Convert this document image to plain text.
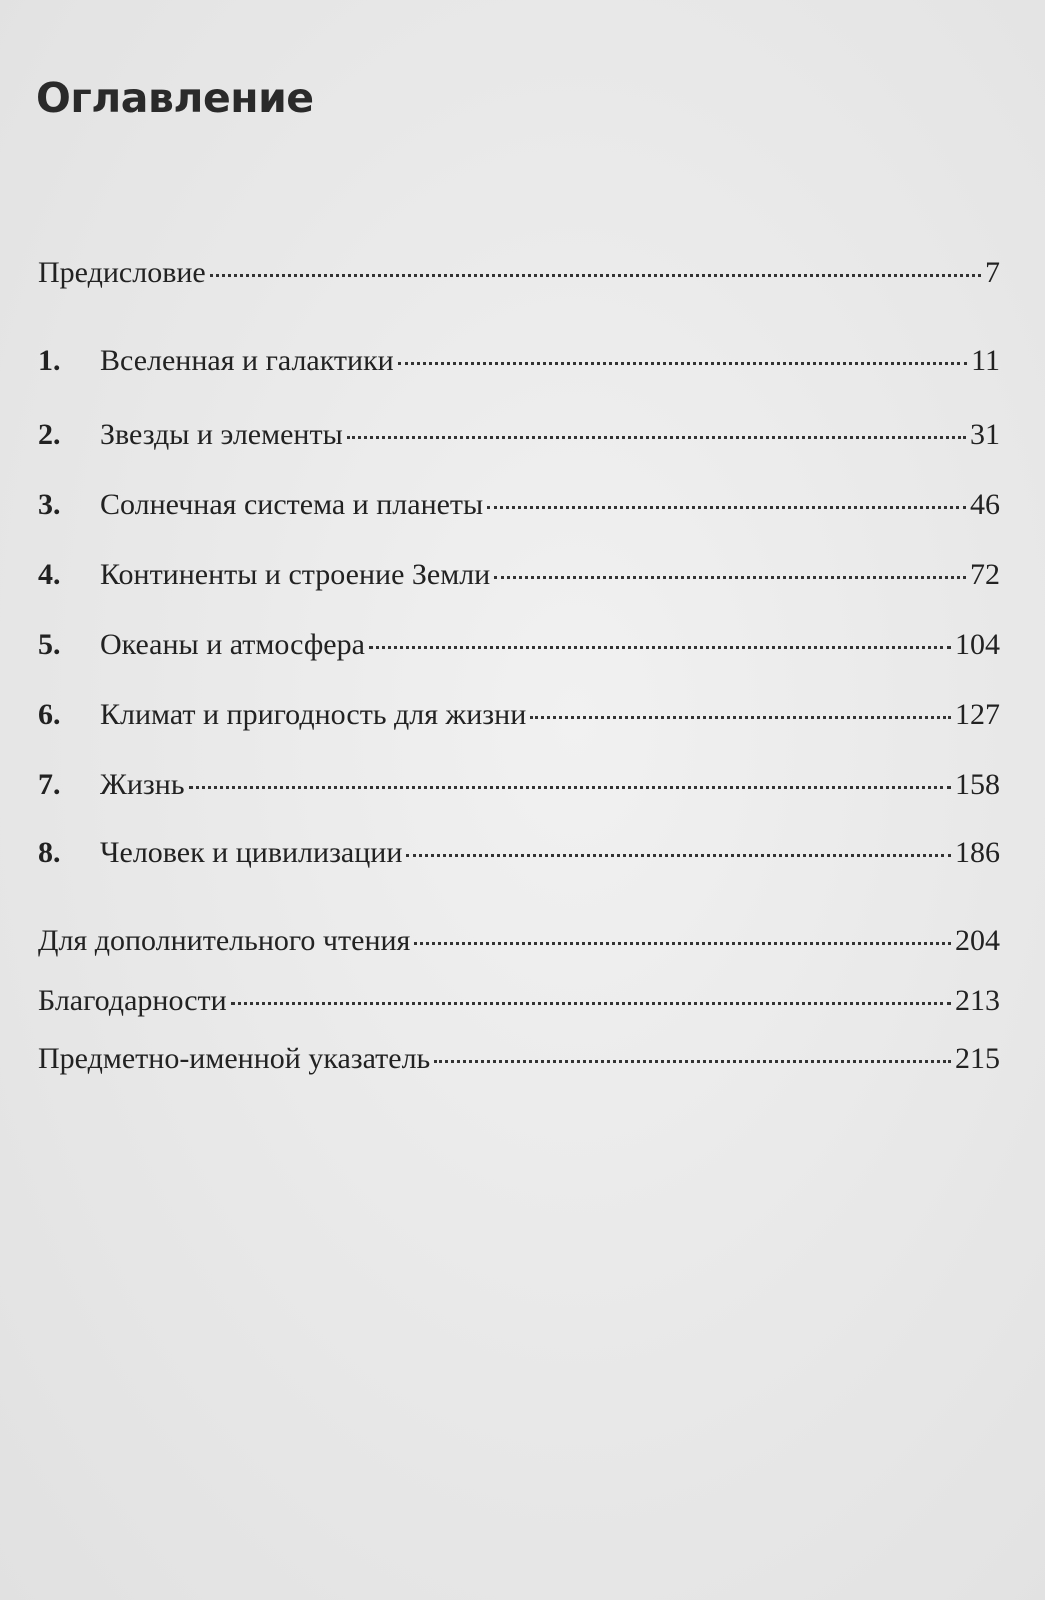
Оглавление
Предисловие	7
1.	Вселенная и галактики	11
2.	Звезды и элементы	31
3.	Солнечная система и планеты	46
4.	Континенты и строение Земли	72
5.	Океаны и атмосфера	104
6.	Климат и пригодность для жизни	127
7.	Жизнь	158
8.	Человек и цивилизации	186
Для дополнительного чтения	204
Благодарности	213
Предметно-именной указатель	215
